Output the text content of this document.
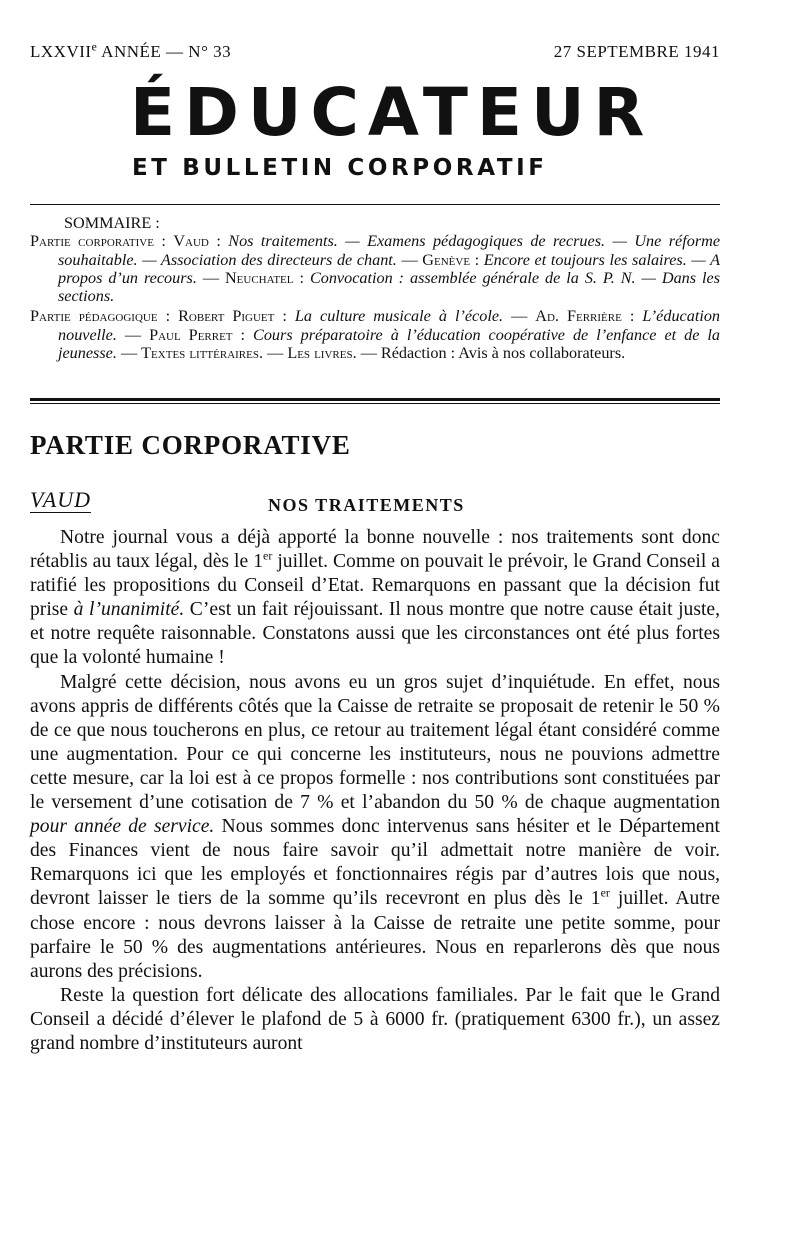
LXXVIIe ANNÉE — N° 33	27 SEPTEMBRE 1941
ÉDUCATEUR
ET BULLETIN CORPORATIF
SOMMAIRE :

Partie corporative : Vaud : Nos traitements. — Examens pédagogiques de recrues. — Une réforme souhaitable. — Association des directeurs de chant. — Genève : Encore et toujours les salaires. — A propos d’un recours. — Neuchatel : Convocation : assemblée générale de la S. P. N. — Dans les sections.

Partie pédagogique : Robert Piguet : La culture musicale à l’école. — Ad. Ferrière : L’éducation nouvelle. — Paul Perret : Cours préparatoire à l’éducation coopérative de l’enfance et de la jeunesse. — Textes littéraires. — Les livres. — Rédaction : Avis à nos collaborateurs.

PARTIE CORPORATIVE
VAUD	NOS TRAITEMENTS

Notre journal vous a déjà apporté la bonne nouvelle : nos traitements sont donc rétablis au taux légal, dès le 1er juillet. Comme on pouvait le prévoir, le Grand Conseil a ratifié les propositions du Conseil d’Etat. Remarquons en passant que la décision fut prise à l’unanimité. C’est un fait réjouissant. Il nous montre que notre cause était juste, et notre requête raisonnable. Constatons aussi que les circonstances ont été plus fortes que la volonté humaine !

Malgré cette décision, nous avons eu un gros sujet d’inquiétude. En effet, nous avons appris de différents côtés que la Caisse de retraite se proposait de retenir le 50 % de ce que nous toucherons en plus, ce retour au traitement légal étant considéré comme une augmentation. Pour ce qui concerne les instituteurs, nous ne pouvions admettre cette mesure, car la loi est à ce propos formelle : nos contributions sont constituées par le versement d’une cotisation de 7 % et l’abandon du 50 % de chaque augmentation pour année de service. Nous sommes donc intervenus sans hésiter et le Département des Finances vient de nous faire savoir qu’il admettait notre manière de voir. Remarquons ici que les employés et fonctionnaires régis par d’autres lois que nous, devront laisser le tiers de la somme qu’ils recevront en plus dès le 1er juillet. Autre chose encore : nous devrons laisser à la Caisse de retraite une petite somme, pour parfaire le 50 % des augmentations antérieures. Nous en reparlerons dès que nous aurons des précisions.

Reste la question fort délicate des allocations familiales. Par le fait que le Grand Conseil a décidé d’élever le plafond de 5 à 6000 fr. (pratiquement 6300 fr.), un assez grand nombre d’instituteurs auront
